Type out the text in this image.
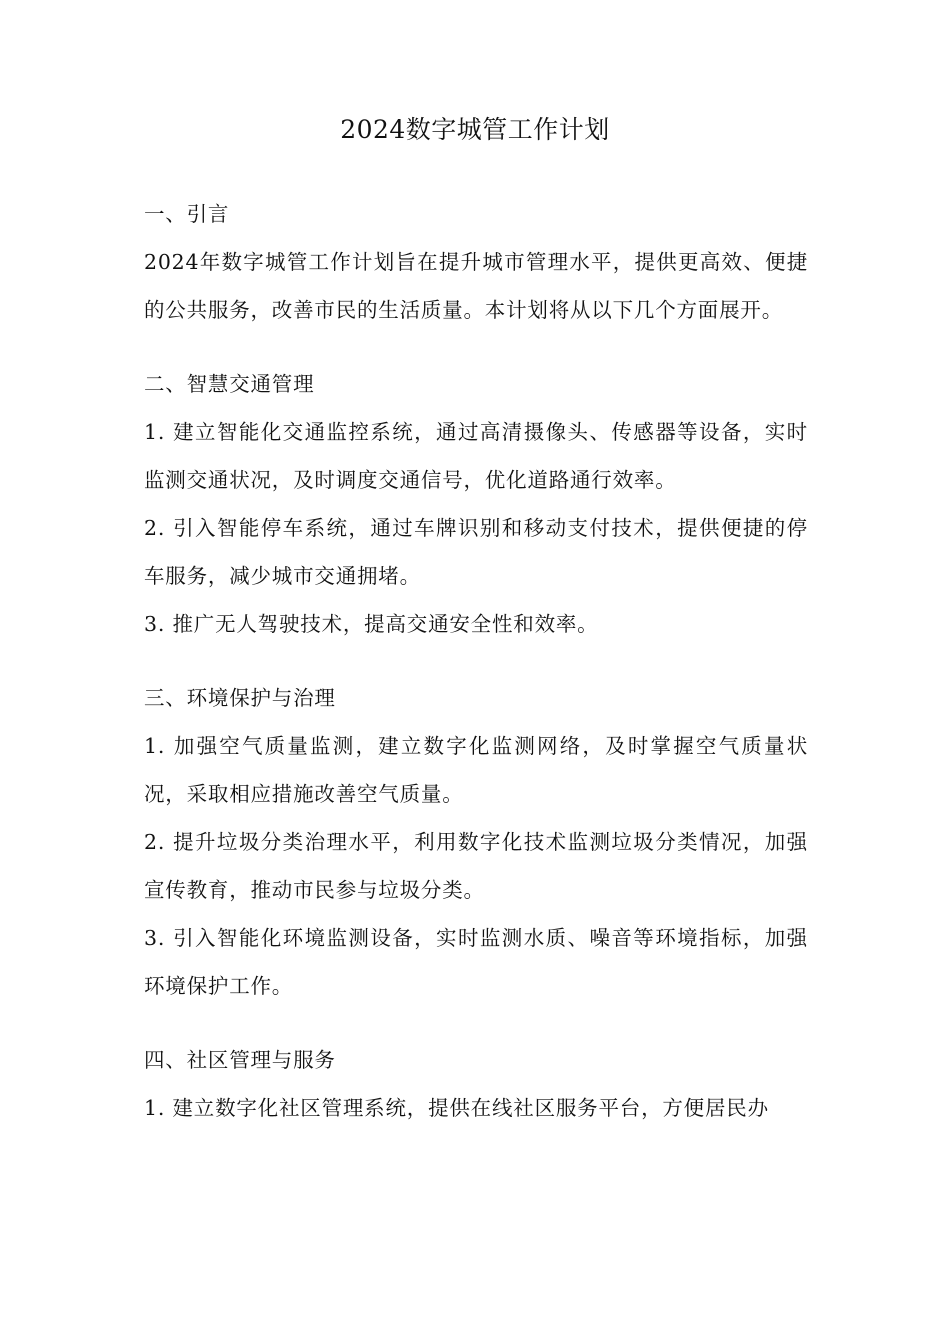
2024数字城管工作计划

一、引言

2024年数字城管工作计划旨在提升城市管理水平，提供更高效、便捷的公共服务，改善市民的生活质量。本计划将从以下几个方面展开。

二、智慧交通管理

1. 建立智能化交通监控系统，通过高清摄像头、传感器等设备，实时监测交通状况，及时调度交通信号，优化道路通行效率。

2. 引入智能停车系统，通过车牌识别和移动支付技术，提供便捷的停车服务，减少城市交通拥堵。

3. 推广无人驾驶技术，提高交通安全性和效率。

三、环境保护与治理

1. 加强空气质量监测，建立数字化监测网络，及时掌握空气质量状况，采取相应措施改善空气质量。

2. 提升垃圾分类治理水平，利用数字化技术监测垃圾分类情况，加强宣传教育，推动市民参与垃圾分类。

3. 引入智能化环境监测设备，实时监测水质、噪音等环境指标，加强环境保护工作。

四、社区管理与服务

1. 建立数字化社区管理系统，提供在线社区服务平台，方便居民办
